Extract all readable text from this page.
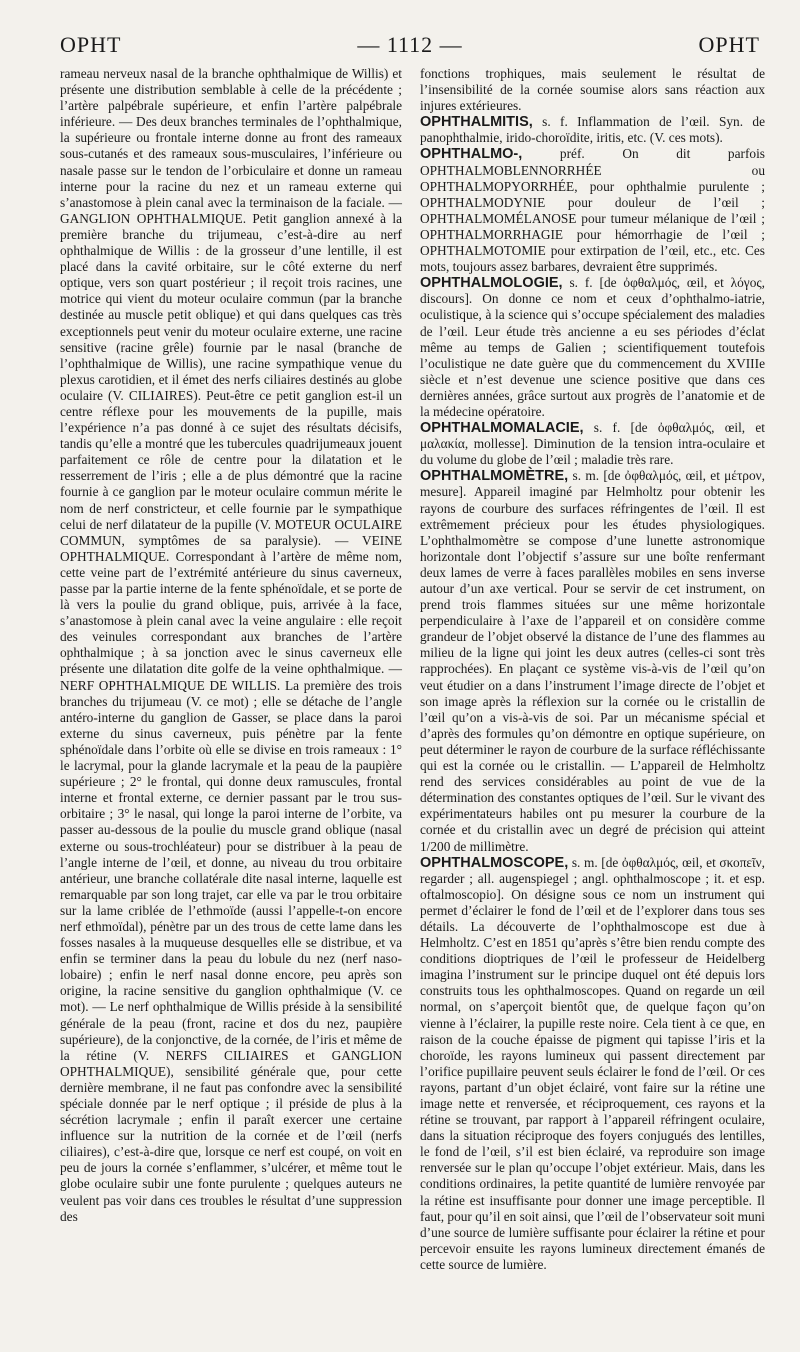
OPHT	— 1112 —	OPHT

rameau nerveux nasal de la branche ophthalmique de Willis) et présente une distribution semblable à celle de la précédente ; l’artère palpébrale supérieure, et enfin l’artère palpébrale inférieure. — Des deux branches terminales de l’ophthalmique, la supérieure ou frontale interne donne au front des rameaux sous-cutanés et des rameaux sous-musculaires, l’inférieure ou nasale passe sur le tendon de l’orbiculaire et donne un rameau interne pour la racine du nez et un rameau externe qui s’anastomose à plein canal avec la terminaison de la faciale. — GANGLION OPHTHALMIQUE. Petit ganglion annexé à la première branche du trijumeau, c’est-à-dire au nerf ophthalmique de Willis : de la grosseur d’une lentille, il est placé dans la cavité orbitaire, sur le côté externe du nerf optique, vers son quart postérieur ; il reçoit trois racines, une motrice qui vient du moteur oculaire commun (par la branche destinée au muscle petit oblique) et qui dans quelques cas très exceptionnels peut venir du moteur oculaire externe, une racine sensitive (racine grêle) fournie par le nasal (branche de l’ophthalmique de Willis), une racine sympathique venue du plexus carotidien, et il émet des nerfs ciliaires destinés au globe oculaire (V. CILIAIRES). Peut-être ce petit ganglion est-il un centre réflexe pour les mouvements de la pupille, mais l’expérience n’a pas donné à ce sujet des résultats décisifs, tandis qu’elle a montré que les tubercules quadrijumeaux jouent parfaitement ce rôle de centre pour la dilatation et le resserrement de l’iris ; elle a de plus démontré que la racine fournie à ce ganglion par le moteur oculaire commun mérite le nom de nerf constricteur, et celle fournie par le sympathique celui de nerf dilatateur de la pupille (V. MOTEUR OCULAIRE COMMUN, symptômes de sa paralysie). — VEINE OPHTHALMIQUE. Correspondant à l’artère de même nom, cette veine part de l’extrémité antérieure du sinus caverneux, passe par la partie interne de la fente sphénoïdale, et se porte de là vers la poulie du grand oblique, puis, arrivée à la face, s’anastomose à plein canal avec la veine angulaire : elle reçoit des veinules correspondant aux branches de l’artère ophthalmique ; à sa jonction avec le sinus caverneux elle présente une dilatation dite golfe de la veine ophthalmique. — NERF OPHTHALMIQUE DE WILLIS. La première des trois branches du trijumeau (V. ce mot) ; elle se détache de l’angle antéro-interne du ganglion de Gasser, se place dans la paroi externe du sinus caverneux, puis pénètre par la fente sphénoïdale dans l’orbite où elle se divise en trois rameaux : 1° le lacrymal, pour la glande lacrymale et la peau de la paupière supérieure ; 2° le frontal, qui donne deux ramuscules, frontal interne et frontal externe, ce dernier passant par le trou sus-orbitaire ; 3° le nasal, qui longe la paroi interne de l’orbite, va passer au-dessous de la poulie du muscle grand oblique (nasal externe ou sous-trochléateur) pour se distribuer à la peau de l’angle interne de l’œil, et donne, au niveau du trou orbitaire antérieur, une branche collatérale dite nasal interne, laquelle est remarquable par son long trajet, car elle va par le trou orbitaire sur la lame criblée de l’ethmoïde (aussi l’appelle-t-on encore nerf ethmoïdal), pénètre par un des trous de cette lame dans les fosses nasales à la muqueuse desquelles elle se distribue, et va enfin se terminer dans la peau du lobule du nez (nerf naso-lobaire) ; enfin le nerf nasal donne encore, peu après son origine, la racine sensitive du ganglion ophthalmique (V. ce mot). — Le nerf ophthalmique de Willis préside à la sensibilité générale de la peau (front, racine et dos du nez, paupière supérieure), de la conjonctive, de la cornée, de l’iris et même de la rétine (V. NERFS CILIAIRES et GANGLION OPHTHALMIQUE), sensibilité générale que, pour cette dernière membrane, il ne faut pas confondre avec la sensibilité spéciale donnée par le nerf optique ; il préside de plus à la sécrétion lacrymale ; enfin il paraît exercer une certaine influence sur la nutrition de la cornée et de l’œil (nerfs ciliaires), c’est-à-dire que, lorsque ce nerf est coupé, on voit en peu de jours la cornée s’enflammer, s’ulcérer, et même tout le globe oculaire subir une fonte purulente ; quelques auteurs ne veulent pas voir dans ces troubles le résultat d’une suppression des

fonctions trophiques, mais seulement le résultat de l’insensibilité de la cornée soumise alors sans réaction aux injures extérieures.

OPHTHALMITIS, s. f. Inflammation de l’œil. Syn. de panophthalmie, irido-choroïdite, iritis, etc. (V. ces mots).

OPHTHALMO-,	préf. On dit parfois OPHTHALMOBLENNORRHÉE ou OPHTHALMOPYORRHÉE, pour ophthalmie purulente ; OPHTHALMODYNIE pour douleur de l’œil ; OPHTHALMOMÉLANOSE pour tumeur mélanique de l’œil ; OPHTHALMORRHAGIE pour hémorrhagie de l’œil ; OPHTHALMOTOMIE pour extirpation de l’œil, etc., etc. Ces mots, toujours assez barbares, devraient être supprimés.

OPHTHALMOLOGIE, s. f. [de ὀφθαλμός, œil, et λόγος, discours]. On donne ce nom et ceux d’ophthalmo-iatrie, oculistique, à la science qui s’occupe spécialement des maladies de l’œil. Leur étude très ancienne a eu ses périodes d’éclat même au temps de Galien ; scientifiquement toutefois l’oculistique ne date guère que du commencement du XVIIIe siècle et n’est devenue une science positive que dans ces dernières années, grâce surtout aux progrès de l’anatomie et de la médecine opératoire.

OPHTHALMOMALACIE, s. f. [de ὀφθαλμός, œil, et μαλακία, mollesse]. Diminution de la tension intra-oculaire et du volume du globe de l’œil ; maladie très rare.

OPHTHALMOMÈTRE, s. m. [de ὀφθαλμός, œil, et μέτρον, mesure]. Appareil imaginé par Helmholtz pour obtenir les rayons de courbure des surfaces réfringentes de l’œil. Il est extrêmement précieux pour les études physiologiques. L’ophthalmomètre se compose d’une lunette astronomique horizontale dont l’objectif s’assure sur une boîte renfermant deux lames de verre à faces parallèles mobiles en sens inverse autour d’un axe vertical. Pour se servir de cet instrument, on prend trois flammes situées sur une même horizontale perpendiculaire à l’axe de l’appareil et on considère comme grandeur de l’objet observé la distance de l’une des flammes au milieu de la ligne qui joint les deux autres (celles-ci sont très rapprochées). En plaçant ce système vis-à-vis de l’œil qu’on veut étudier on a dans l’instrument l’image directe de l’objet et son image après la réflexion sur la cornée ou le cristallin de l’œil qu’on a vis-à-vis de soi. Par un mécanisme spécial et d’après des formules qu’on démontre en optique supérieure, on peut déterminer le rayon de courbure de la surface réfléchissante qui est la cornée ou le cristallin. — L’appareil de Helmholtz rend des services considérables au point de vue de la détermination des constantes optiques de l’œil. Sur le vivant des expérimentateurs habiles ont pu mesurer la courbure de la cornée et du cristallin avec un degré de précision qui atteint 1/200 de millimètre.

OPHTHALMOSCOPE, s. m. [de ὀφθαλμός, œil, et σκοπεῖν, regarder ; all. augenspiegel ; angl. ophthalmoscope ; it. et esp. oftalmoscopio]. On désigne sous ce nom un instrument qui permet d’éclairer le fond de l’œil et de l’explorer dans tous ses détails. La découverte de l’ophthalmoscope est due à Helmholtz. C’est en 1851 qu’après s’être bien rendu compte des conditions dioptriques de l’œil le professeur de Heidelberg imagina l’instrument sur le principe duquel ont été depuis lors construits tous les ophthalmoscopes. Quand on regarde un œil normal, on s’aperçoit bientôt que, de quelque façon qu’on vienne à l’éclairer, la pupille reste noire. Cela tient à ce que, en raison de la couche épaisse de pigment qui tapisse l’iris et la choroïde, les rayons lumineux qui passent directement par l’orifice pupillaire peuvent seuls éclairer le fond de l’œil. Or ces rayons, partant d’un objet éclairé, vont faire sur la rétine une image nette et renversée, et réciproquement, ces rayons et la rétine se trouvant, par rapport à l’appareil réfringent oculaire, dans la situation réciproque des foyers conjugués des lentilles, le fond de l’œil, s’il est bien éclairé, va reproduire son image renversée sur le plan qu’occupe l’objet extérieur. Mais, dans les conditions ordinaires, la petite quantité de lumière renvoyée par la rétine est insuffisante pour donner une image perceptible. Il faut, pour qu’il en soit ainsi, que l’œil de l’observateur soit muni d’une source de lumière suffisante pour éclairer la rétine et pour percevoir ensuite les rayons lumineux directement émanés de cette source de lumière.
